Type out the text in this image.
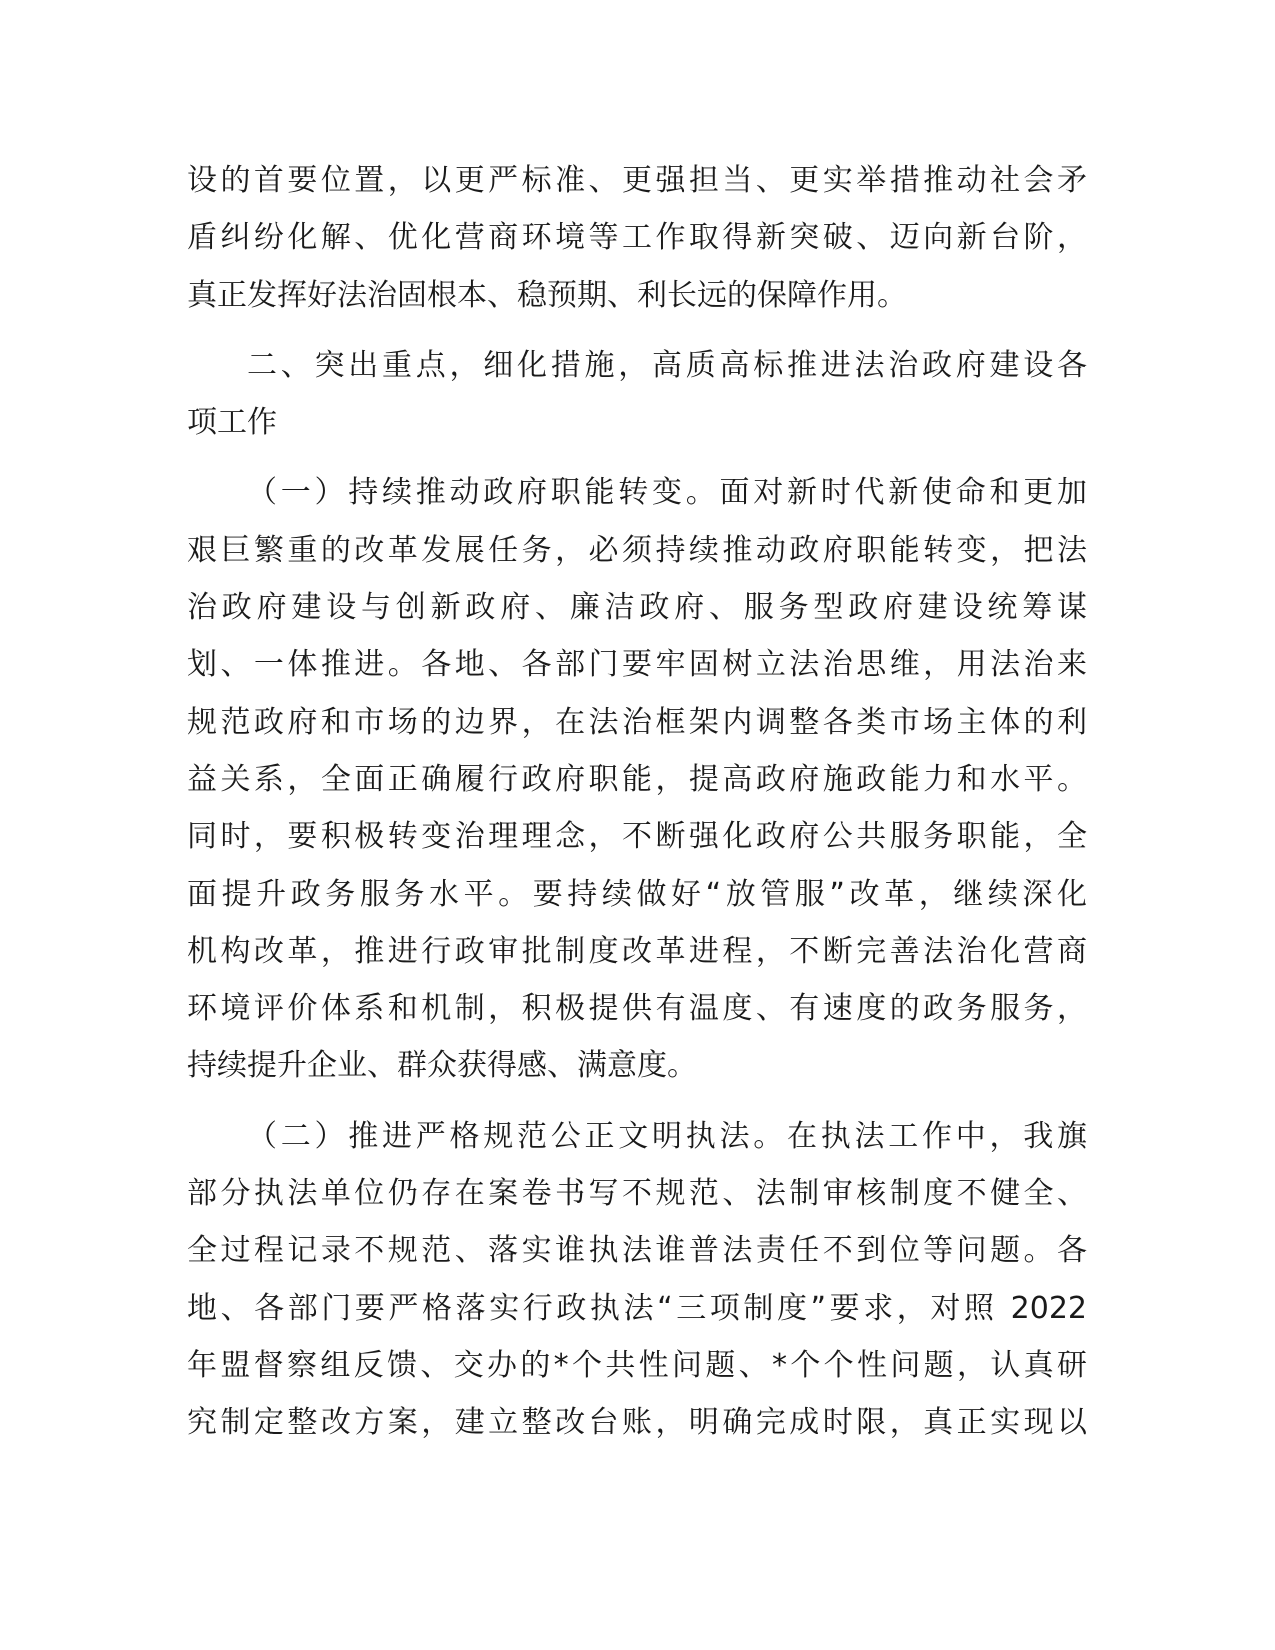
设的首要位置，以更严标准、更强担当、更实举措推动社会矛
盾纠纷化解、优化营商环境等工作取得新突破、迈向新台阶，
真正发挥好法治固根本、稳预期、利长远的保障作用。
二、突出重点，细化措施，高质高标推进法治政府建设各
项工作
（一）持续推动政府职能转变。面对新时代新使命和更加
艰巨繁重的改革发展任务，必须持续推动政府职能转变，把法
治政府建设与创新政府、廉洁政府、服务型政府建设统筹谋
划、一体推进。各地、各部门要牢固树立法治思维，用法治来
规范政府和市场的边界，在法治框架内调整各类市场主体的利
益关系，全面正确履行政府职能，提高政府施政能力和水平。
同时，要积极转变治理理念，不断强化政府公共服务职能，全
面提升政务服务水平。要持续做好“放管服”改革，继续深化
机构改革，推进行政审批制度改革进程，不断完善法治化营商
环境评价体系和机制，积极提供有温度、有速度的政务服务，
持续提升企业、群众获得感、满意度。
（二）推进严格规范公正文明执法。在执法工作中，我旗
部分执法单位仍存在案卷书写不规范、法制审核制度不健全、
全过程记录不规范、落实谁执法谁普法责任不到位等问题。各
地、各部门要严格落实行政执法“三项制度”要求，对照 2022
年盟督察组反馈、交办的*个共性问题、*个个性问题，认真研
究制定整改方案，建立整改台账，明确完成时限，真正实现以
